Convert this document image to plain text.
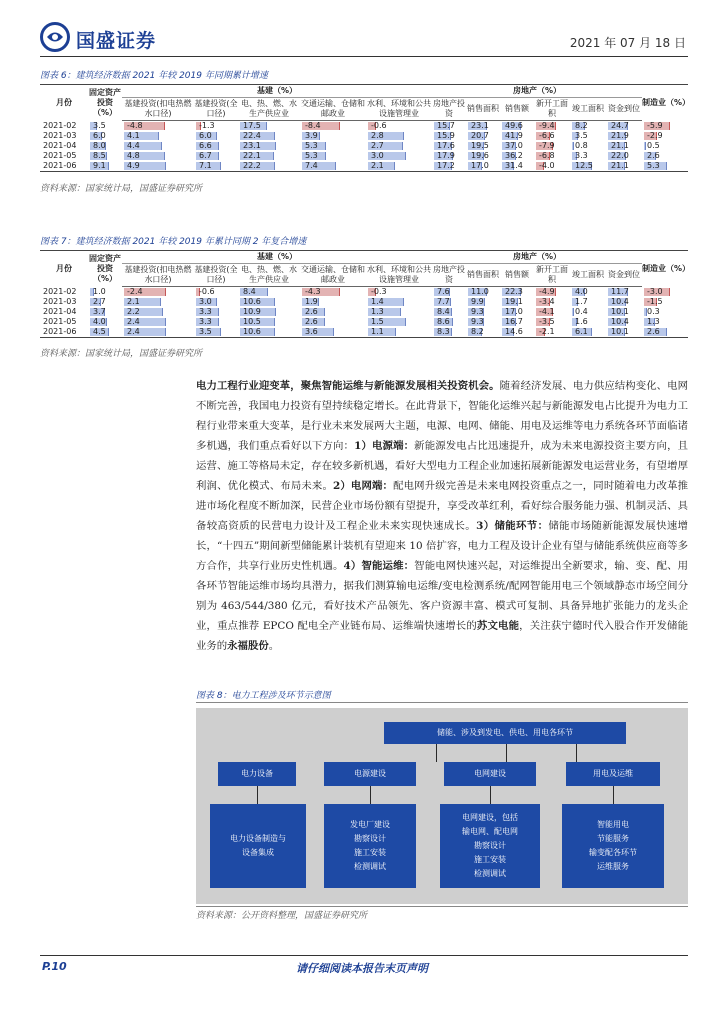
国盛证券	2021 年 07 月 18 日
图表 6：建筑经济数据 2021 年较 2019 年同期累计增速
月份	固定资产投资（%）	基建（%）					房地产（%）						制造业（%）
		基建投资(扣电热燃水口径)	基建投资(全口径)	电、热、燃、水生产供应业	交通运输、仓储和邮政业	水利、环境和公共设施管理业	房地产投资	销售面积	销售额	新开工面积	竣工面积	资金到位	
2021-02	3.5	-4.8	-1.3	17.5	-8.4	-0.6	15.7	23.1	49.6	-9.4	8.2	24.7	-5.9

2021-03	6.0	4.1	6.0	22.4	3.9	2.8	15.9	20.7	41.9	-6.6	3.5	21.9	-2.9

2021-04	8.0	4.4	6.6	23.1	5.3	2.7	17.6	19.5	37.0	-7.9	0.8	21.1	0.5

2021-05	8.5	4.8	6.7	22.1	5.3	3.0	17.9	19.6	36.2	-6.8	3.3	22.0	2.6

2021-06	9.1	4.9	7.1	22.2	7.4	2.1	17.2	17.0	31.4	-4.0	12.5	21.1	5.3
资料来源：国家统计局，国盛证券研究所
图表 7：建筑经济数据 2021 年较 2019 年累计同期 2 年复合增速
月份	固定资产投资（%）	基建（%）					房地产（%）						制造业（%）
		基建投资(扣电热燃水口径)	基建投资(全口径)	电、热、燃、水生产供应业	交通运输、仓储和邮政业	水利、环境和公共设施管理业	房地产投资	销售面积	销售额	新开工面积	竣工面积	资金到位	
2021-02	1.0	-2.4	-0.6	8.4	-4.3	-0.3	7.6	11.0	22.3	-4.9	4.0	11.7	-3.0

2021-03	2.7	2.1	3.0	10.6	1.9	1.4	7.7	9.9	19.1	-3.4	1.7	10.4	-1.5

2021-04	3.7	2.2	3.3	10.9	2.6	1.3	8.4	9.3	17.0	-4.1	0.4	10.1	0.3

2021-05	4.0	2.4	3.3	10.5	2.6	1.5	8.6	9.3	16.7	-3.5	1.6	10.4	1.3

2021-06	4.5	2.4	3.5	10.6	3.6	1.1	8.3	8.2	14.6	-2.1	6.1	10.1	2.6
资料来源：国家统计局，国盛证券研究所
电力工程行业迎变革，聚焦智能运维与新能源发展相关投资机会。随着经济发展、电力供应结构变化、电网不断完善，我国电力投资有望持续稳定增长。在此背景下，智能化运维兴起与新能源发电占比提升为电力工程行业带来重大变革，是行业未来发展两大主题，电源、电网、储能、用电及运维等电力系统各环节面临诸多机遇，我们重点看好以下方向：1）电源端：新能源发电占比迅速提升，成为未来电源投资主要方向，且运营、施工等格局未定，存在较多新机遇，看好大型电力工程企业加速拓展新能源发电运营业务，有望增厚利润、优化模式、布局未来。2）电网端：配电网升级完善是未来电网投资重点之一，同时随着电力改革推进市场化程度不断加深，民营企业市场份额有望提升，享受改革红利，看好综合服务能力强、机制灵活、具备较高资质的民营电力设计及工程企业未来实现快速成长。3）储能环节：储能市场随新能源发展快速增长，“十四五”期间新型储能累计装机有望迎来 10 倍扩容，电力工程及设计企业有望与储能系统供应商等多方合作，共享行业历史性机遇。4）智能运维：智能电网快速兴起，对运维提出全新要求，输、变、配、用各环节智能运维市场均具潜力，据我们测算输电运维/变电检测系统/配网智能用电三个领域静态市场空间分别为 463/544/380 亿元，看好技术产品领先、客户资源丰富、模式可复制、具备异地扩张能力的龙头企业，重点推荐 EPCO 配电全产业链布局、运维端快速增长的苏文电能，关注获宁德时代入股合作开发储能业务的永福股份。
图表 8：电力工程涉及环节示意图
储能、涉及到发电、供电、用电各环节
电力设备	电源建设	电网建设	用电及运维
电力设备制造与
设备集成
发电厂建设
勘察设计
施工安装
检测调试
电网建设，包括
输电网、配电网
勘察设计
施工安装
检测调试
智能用电
节能服务
输变配各环节
运维服务
资料来源：公开资料整理，国盛证券研究所
请仔细阅读本报告末页声明
P.10
